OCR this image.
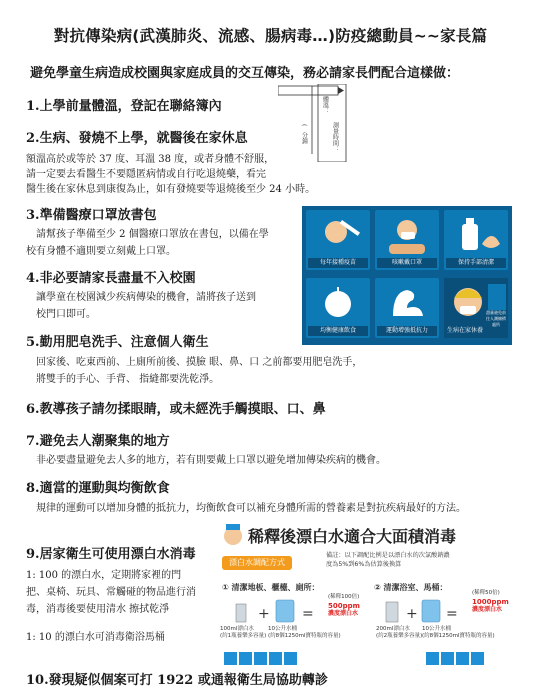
對抗傳染病(武漢肺炎、流感、腸病毒…)防疫總動員~~家長篇
避免學童生病造成校園與家庭成員的交互傳染，務必請家長們配合這樣做：
1.上學前量體溫，登記在聯絡簿內	體溫：
測量時間：
(
分鐘
2.生病、發燒不上學，就醫後在家休息
額溫高於或等於 37 度、耳溫 38 度，或者身體不舒服，
請一定要去看醫生不要隱匿病情或自行吃退燒藥，看完
醫生後在家休息到康復為止，如有發燒要等退燒後至少 24 小時。
3.準備醫療口罩放書包
請幫孩子準備至少 2 個醫療口罩放在書包，以備在學
校有身體不適則要立刻戴上口罩。
4.非必要請家長盡量不入校園
讓學童在校園減少疾病傳染的機會，請將孩子送到
校門口即可。
每年接種疫苗	咳嗽戴口罩	保持手部清潔
均衡健康飲食	運動增強抵抗力
盡量避免前往人潮擁擠處所
生病在家休養
5.勤用肥皂洗手、注意個人衛生
回家後、吃東西前、上廁所前後、摸臉 眼、鼻、口 之前都要用肥皂洗手，
將雙手的手心、手背、 指縫都要洗乾淨。
6.教導孩子請勿揉眼睛，或未經洗手觸摸眼、口、鼻
7.避免去人潮聚集的地方
非必要盡量避免去人多的地方，若有則要戴上口罩以避免增加傳染疾病的機會。
8.適當的運動與均衡飲食
規律的運動可以增加身體的抵抗力，均衡飲食可以補充身體所需的營養素是對抗疾病最好的方法。
9.居家衛生可使用漂白水消毒
1: 100 的漂白水，定期將家裡的門
把、桌椅、玩具、常觸碰的物品進行消
毒，消毒後要使用清水 擦拭乾淨
1: 10 的漂白水可消毒衛浴馬桶
稀釋後漂白水適合大面積消毒
漂白水調配方式
備註：以下調配比例是以漂白水的次氯酸鈉濃
度為5%到6%為估算後換算
① 清潔地板、櫃檯、廁所：	② 清潔浴室、馬桶：
+ =
100ml漂白水
(約1瓶養樂多容量)
10公升水桶
(約8個1250ml寶特瓶的容量)
(稀釋100倍)
500ppm
濃度漂白水	+ =
200ml漂白水
(約2瓶養樂多容量)
10公升水桶
(約8個1250ml寶特瓶的容量)
(稀釋50倍)
1000ppm
濃度漂白水
10.發現疑似個案可打 1922 或通報衛生局協助轉診
